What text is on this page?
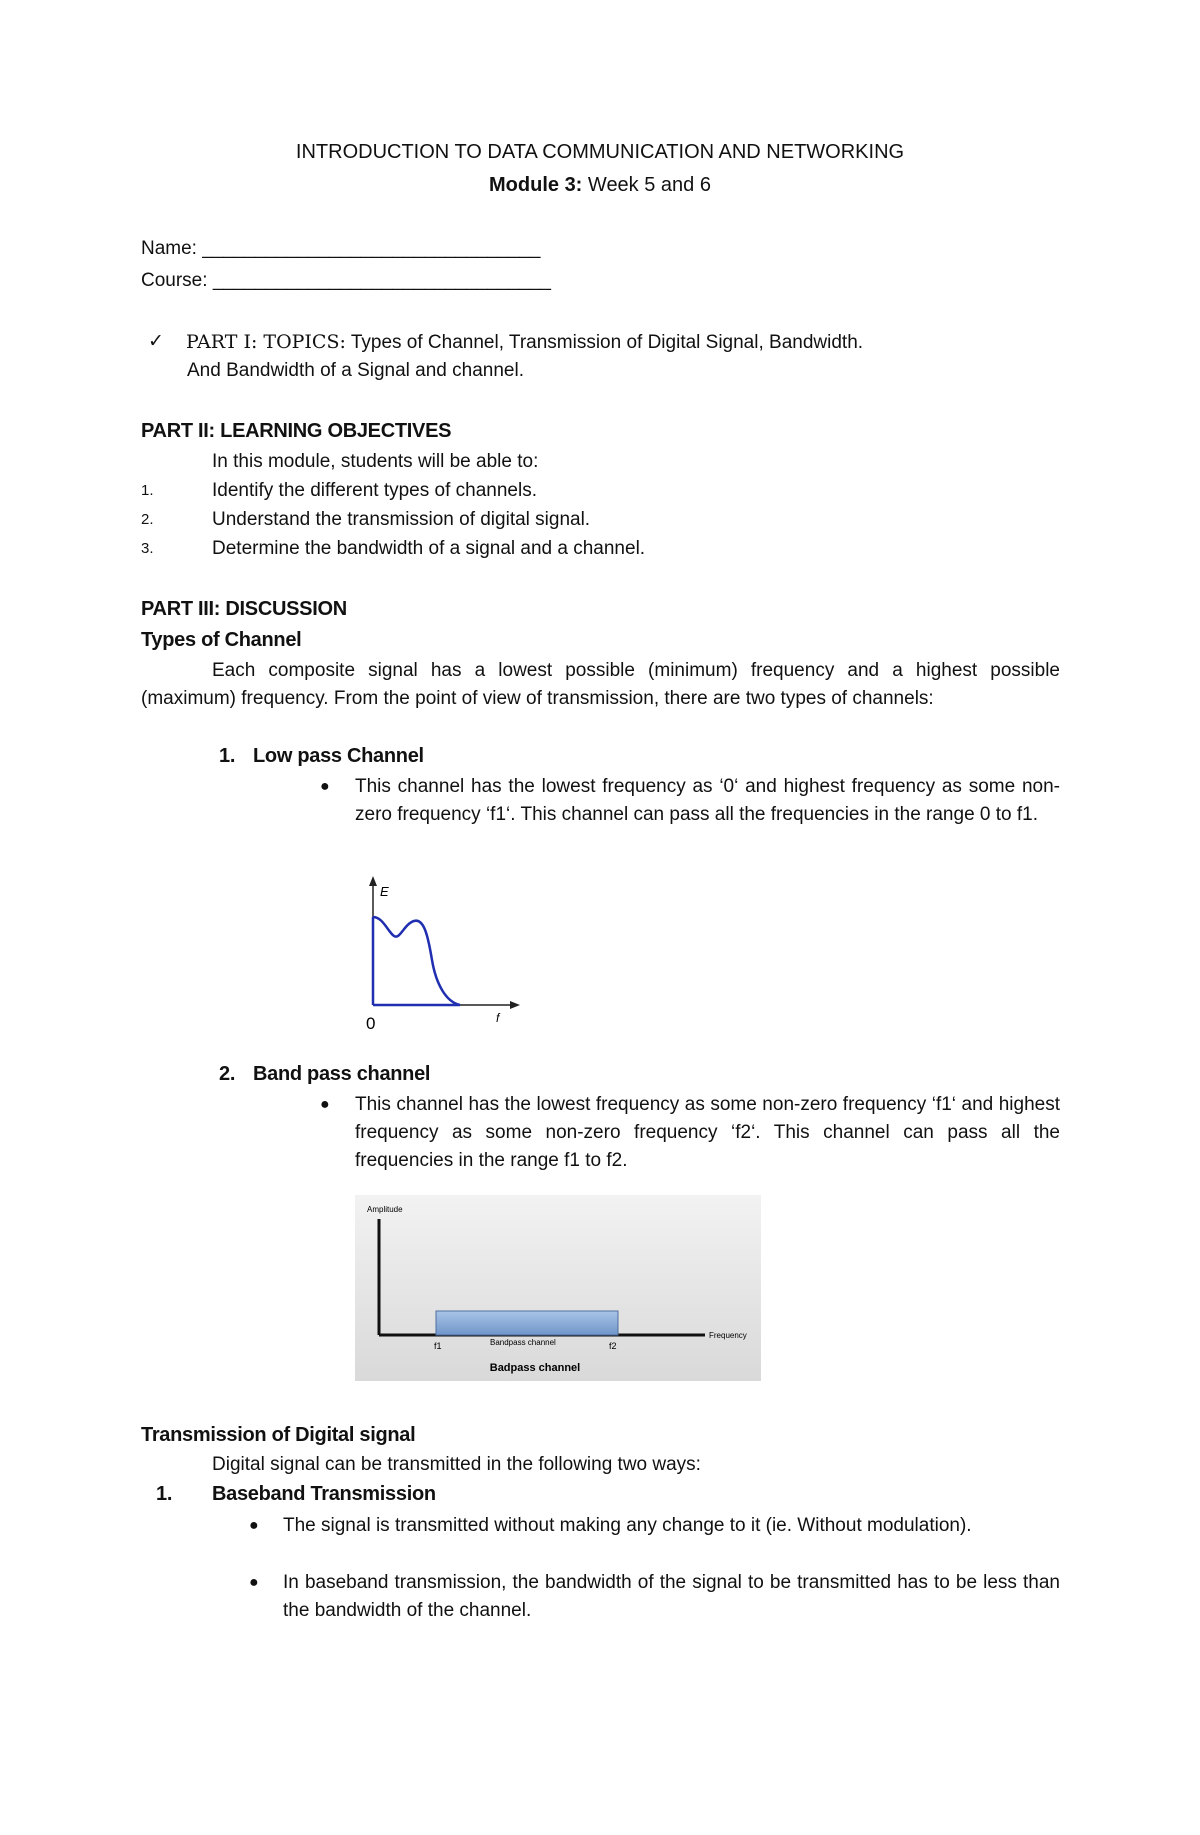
INTRODUCTION TO DATA COMMUNICATION AND NETWORKING
Module 3: Week 5 and 6
Name: ________________________________
Course: ________________________________
✓ PART I: TOPICS: Types of Channel, Transmission of Digital Signal, Bandwidth.
And Bandwidth of a Signal and channel.
PART II: LEARNING OBJECTIVES
In this module, students will be able to:
1.	Identify the different types of channels.
2.	Understand the transmission of digital signal.
3.	Determine the bandwidth of a signal and a channel.
PART III: DISCUSSION
Types of Channel
Each composite signal has a lowest possible (minimum) frequency and a highest possible (maximum) frequency. From the point of view of transmission, there are two types of channels:
1. Low pass Channel
● This channel has the lowest frequency as ‘0‘ and highest frequency as some non-zero frequency ‘f1‘. This channel can pass all the frequencies in the range 0 to f1.
E
0	f
2. Band pass channel
● This channel has the lowest frequency as some non-zero frequency ‘f1‘ and highest frequency as some non-zero frequency ‘f2‘. This channel can pass all the frequencies in the range f1 to f2.
Amplitude
Frequency
f1	Bandpass channel	f2
Badpass channel
Transmission of Digital signal
Digital signal can be transmitted in the following two ways:
1. Baseband Transmission
● The signal is transmitted without making any change to it (ie. Without modulation).
● In baseband transmission, the bandwidth of the signal to be transmitted has to be less than the bandwidth of the channel.
